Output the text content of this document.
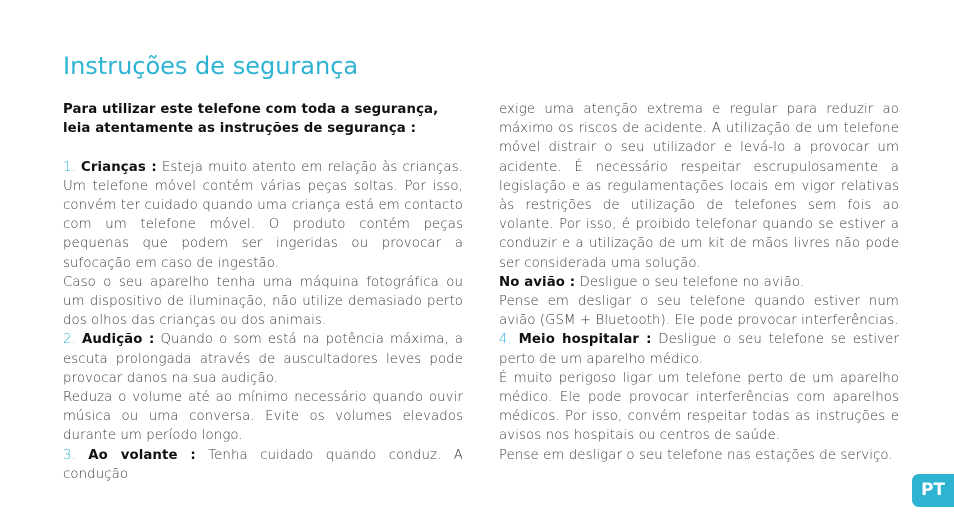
Instruções de segurança

Para utilizar este telefone com toda a segurança, leia atentamente as instruções de segurança :

1. Crianças : Esteja muito atento em relação às crianças. Um telefone móvel contém várias peças soltas. Por isso, convém ter cuidado quando uma criança está em contacto com um telefone móvel. O produto contém peças pequenas que podem ser ingeridas ou provocar a sufocação em caso de ingestão.

Caso o seu aparelho tenha uma máquina fotográfica ou um dispositivo de iluminação, não utilize demasiado perto dos olhos das crianças ou dos animais.

2. Audição : Quando o som está na potência máxima, a escuta prolongada através de auscultadores leves pode provocar danos na sua audição.

Reduza o volume até ao mínimo necessário quando ouvir música ou uma conversa. Evite os volumes elevados durante um período longo.

3. Ao volante : Tenha cuidado quando conduz. A condução

exige uma atenção extrema e regular para reduzir ao máximo os riscos de acidente. A utilização de um telefone móvel distrair o seu utilizador e levá-lo a provocar um acidente. É necessário respeitar escrupulosamente a legislação e as regulamentações locais em vigor relativas às restrições de utilização de telefones sem fois ao volante. Por isso, é proibido telefonar quando se estiver a conduzir e a utilização de um kit de mãos livres não pode ser considerada uma solução.

No avião : Desligue o seu telefone no avião.

Pense em desligar o seu telefone quando estiver num avião (GSM + Bluetooth). Ele pode provocar interferências.

4. Meio hospitalar : Desligue o seu telefone se estiver perto de um aparelho médico.

É muito perigoso ligar um telefone perto de um aparelho médico. Ele pode provocar interferências com aparelhos médicos. Por isso, convém respeitar todas as instruções e avisos nos hospitais ou centros de saúde.

Pense em desligar o seu telefone nas estações de serviço.

PT
